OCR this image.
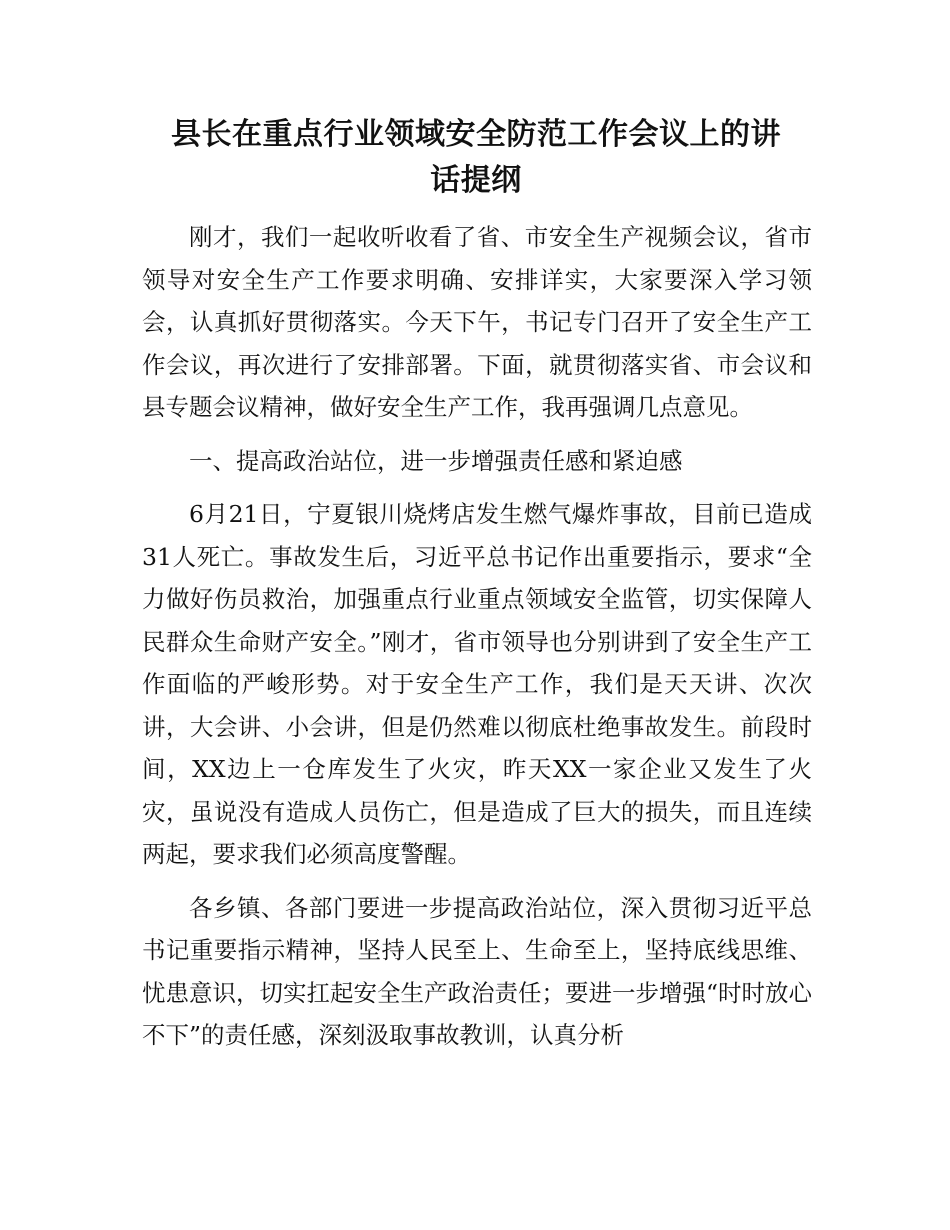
县长在重点行业领域安全防范工作会议上的讲
话提纲

刚才，我们一起收听收看了省、市安全生产视频会议，省市领导对安全生产工作要求明确、安排详实，大家要深入学习领会，认真抓好贯彻落实。今天下午，书记专门召开了安全生产工作会议，再次进行了安排部署。下面，就贯彻落实省、市会议和县专题会议精神，做好安全生产工作，我再强调几点意见。

一、提高政治站位，进一步增强责任感和紧迫感

6月21日，宁夏银川烧烤店发生燃气爆炸事故，目前已造成31人死亡。事故发生后，习近平总书记作出重要指示，要求“全力做好伤员救治，加强重点行业重点领域安全监管，切实保障人民群众生命财产安全。”刚才，省市领导也分别讲到了安全生产工作面临的严峻形势。对于安全生产工作，我们是天天讲、次次讲，大会讲、小会讲，但是仍然难以彻底杜绝事故发生。前段时间，XX边上一仓库发生了火灾，昨天XX一家企业又发生了火灾，虽说没有造成人员伤亡，但是造成了巨大的损失，而且连续两起，要求我们必须高度警醒。

各乡镇、各部门要进一步提高政治站位，深入贯彻习近平总书记重要指示精神，坚持人民至上、生命至上，坚持底线思维、忧患意识，切实扛起安全生产政治责任；要进一步增强“时时放心不下”的责任感，深刻汲取事故教训，认真分析
